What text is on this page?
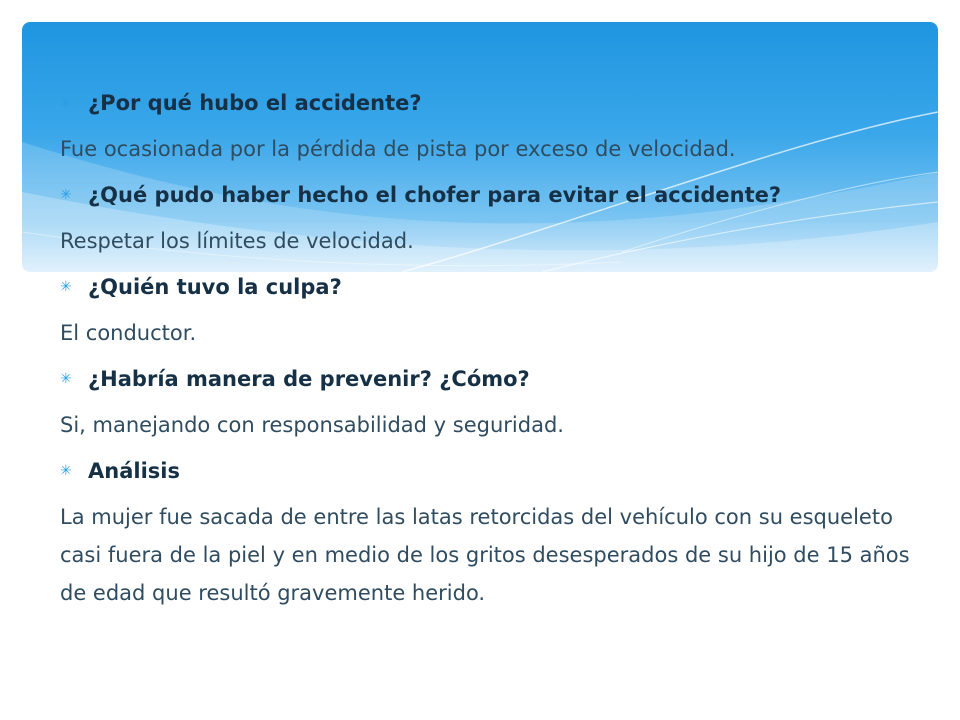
✳ ¿Por qué hubo el accidente?
Fue ocasionada por la pérdida de pista por exceso de velocidad.
✳ ¿Qué pudo haber hecho el chofer para evitar el accidente?
Respetar los límites de velocidad.
✳ ¿Quién tuvo la culpa?
El conductor.
✳ ¿Habría manera de prevenir? ¿Cómo?
Si, manejando con responsabilidad y seguridad.
✳ Análisis
La mujer fue sacada de entre las latas retorcidas del vehículo con su esqueleto casi fuera de la piel y en medio de los gritos desesperados de su hijo de 15 años de edad que resultó gravemente herido.
